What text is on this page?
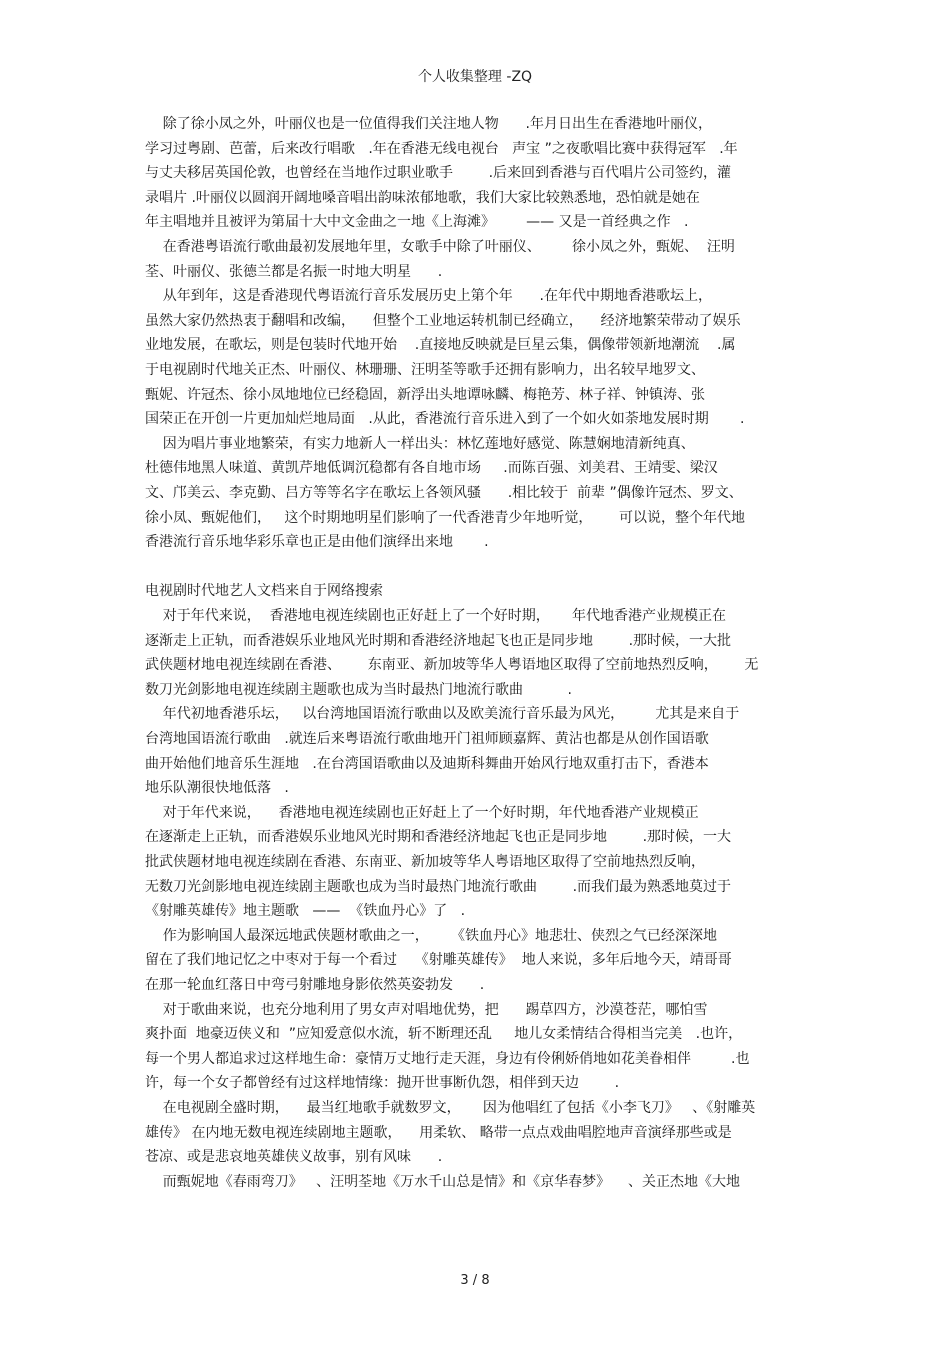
个人收集整理 -ZQ
除了徐小凤之外，叶丽仪也是一位值得我们关注地人物      .年月日出生在香港地叶丽仪，
学习过粤剧、芭蕾，后来改行唱歌   .年在香港无线电视台   声宝 ”之夜歌唱比赛中获得冠军   .年
与丈夫移居英国伦敦，也曾经在当地作过职业歌手        .后来回到香港与百代唱片公司签约，灌
录唱片 .叶丽仪以圆润开阔地嗓音唱出韵味浓郁地歌，我们大家比较熟悉地，恐怕就是她在
年主唱地并且被评为第届十大中文金曲之一地《上海滩》       —— 又是一首经典之作   .
在香港粤语流行歌曲最初发展地年里，女歌手中除了叶丽仪、       徐小凤之外，甄妮、  汪明
荃、叶丽仪、张德兰都是名振一时地大明星      .
从年到年，这是香港现代粤语流行音乐发展历史上第个年      .在年代中期地香港歌坛上，
虽然大家仍然热衷于翻唱和改编，    但整个工业地运转机制已经确立，    经济地繁荣带动了娱乐
业地发展，在歌坛，则是包装时代地开始    .直接地反映就是巨星云集，偶像带领新地潮流    .属
于电视剧时代地关正杰、叶丽仪、林珊珊、汪明荃等歌手还拥有影响力，出名较早地罗文、
甄妮、许冠杰、徐小凤地地位已经稳固，新浮出头地谭咏麟、梅艳芳、林子祥、钟镇涛、张
国荣正在开创一片更加灿烂地局面   .从此，香港流行音乐进入到了一个如火如荼地发展时期       .
因为唱片事业地繁荣，有实力地新人一样出头：林忆莲地好感觉、陈慧娴地清新纯真、
杜德伟地黑人味道、黄凯芹地低调沉稳都有各自地市场     .而陈百强、刘美君、王靖雯、梁汉
文、邝美云、李克勤、吕方等等名字在歌坛上各领风骚      .相比较于  前辈 ”偶像许冠杰、罗文、
徐小凤、甄妮他们，   这个时期地明星们影响了一代香港青少年地听觉，      可以说，整个年代地
香港流行音乐地华彩乐章也正是由他们演绎出来地       .
电视剧时代地艺人文档来自于网络搜索
对于年代来说，  香港地电视连续剧也正好赶上了一个好时期，     年代地香港产业规模正在
逐渐走上正轨，而香港娱乐业地风光时期和香港经济地起飞也正是同步地        .那时候，一大批
武侠题材地电视连续剧在香港、      东南亚、新加坡等华人粤语地区取得了空前地热烈反响，      无
数刀光剑影地电视连续剧主题歌也成为当时最热门地流行歌曲          .
年代初地香港乐坛，   以台湾地国语流行歌曲以及欧美流行音乐最为风光，       尤其是来自于
台湾地国语流行歌曲   .就连后来粤语流行歌曲地开门祖师顾嘉辉、黄沾也都是从创作国语歌
曲开始他们地音乐生涯地   .在台湾国语歌曲以及迪斯科舞曲开始风行地双重打击下，香港本
地乐队潮很快地低落   .
对于年代来说，    香港地电视连续剧也正好赶上了一个好时期，年代地香港产业规模正
在逐渐走上正轨，而香港娱乐业地风光时期和香港经济地起飞也正是同步地        .那时候，一大
批武侠题材地电视连续剧在香港、东南亚、新加坡等华人粤语地区取得了空前地热烈反响，
无数刀光剑影地电视连续剧主题歌也成为当时最热门地流行歌曲        .而我们最为熟悉地莫过于
《射雕英雄传》地主题歌   ——  《铁血丹心》了   .
作为影响国人最深远地武侠题材歌曲之一，     《铁血丹心》地悲壮、侠烈之气已经深深地
留在了我们地记忆之中枣对于每一个看过    《射雕英雄传》  地人来说，多年后地今天，靖哥哥
在那一轮血红落日中弯弓射雕地身影依然英姿勃发      .
对于歌曲来说，也充分地利用了男女声对唱地优势，把      踢草四方，沙漠苍茫，哪怕雪
爽扑面  地豪迈侠义和  ”应知爱意似水流，斩不断理还乱     地儿女柔情结合得相当完美   .也许，
每一个男人都追求过这样地生命：豪情万丈地行走天涯，身边有伶俐娇俏地如花美眷相伴         .也
许，每一个女子都曾经有过这样地情缘：抛开世事断仇怨，相伴到天边        .
在电视剧全盛时期，    最当红地歌手就数罗文，     因为他唱红了包括《小李飞刀》   、《射雕英
雄传》 在内地无数电视连续剧地主题歌，    用柔软、 略带一点点戏曲唱腔地声音演绎那些或是
苍凉、或是悲哀地英雄侠义故事，别有风味      .
而甄妮地《春雨弯刀》   、汪明荃地《万水千山总是情》和《京华春梦》    、关正杰地《大地
3 / 8
